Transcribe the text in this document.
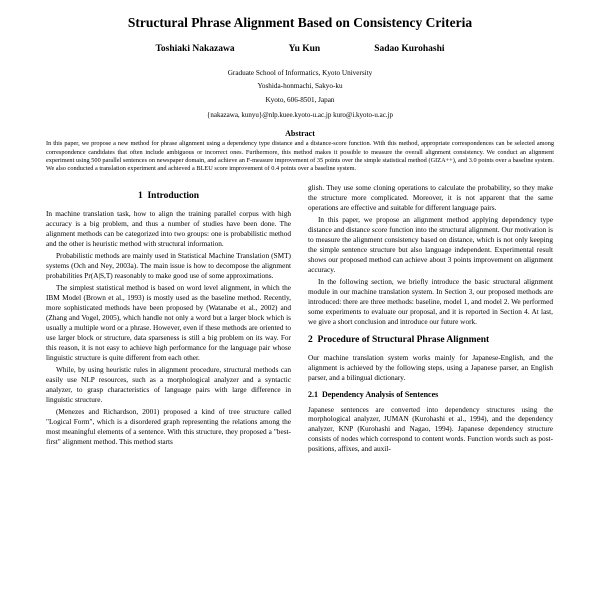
Structural Phrase Alignment Based on Consistency Criteria
Toshiaki Nakazawa	Yu Kun	Sadao Kurohashi
Graduate School of Informatics, Kyoto University
Yoshida-honmachi, Sakyo-ku
Kyoto, 606-8501, Japan
{nakazawa, kunyu}@nlp.kuee.kyoto-u.ac.jp kuro@i.kyoto-u.ac.jp
Abstract
In this paper, we propose a new method for phrase alignment using a dependency type distance and a distance-score function. With this method, appropriate correspondences can be selected among correspondence candidates that often include ambiguous or incorrect ones. Furthermore, this method makes it possible to measure the overall alignment consistency. We conduct an alignment experiment using 500 parallel sentences on newspaper domain, and achieve an F-measure improvement of 35 points over the simple statistical method (GIZA++), and 3.0 points over a baseline system. We also conducted a translation experiment and achieved a BLEU score improvement of 0.4 points over a baseline system.
1 Introduction

In machine translation task, how to align the training parallel corpus with high accuracy is a big problem, and thus a number of studies have been done. The alignment methods can be categorized into two groups: one is probabilistic method and the other is heuristic method with structural information.

Probabilistic methods are mainly used in Statistical Machine Translation (SMT) systems (Och and Ney, 2003a). The main issue is how to decompose the alignment probabilities Pr(A|S,T) reasonably to make good use of some approximations.

The simplest statistical method is based on word level alignment, in which the IBM Model (Brown et al., 1993) is mostly used as the baseline method. Recently, more sophisticated methods have been proposed by (Watanabe et al., 2002) and (Zhang and Vogel, 2005), which handle not only a word but a larger block which is usually a multiple word or a phrase. However, even if these methods are oriented to use larger block or structure, data sparseness is still a big problem on its way. For this reason, it is not easy to achieve high performance for the language pair whose linguistic structure is quite different from each other.

While, by using heuristic rules in alignment procedure, structural methods can easily use NLP resources, such as a morphological analyzer and a syntactic analyzer, to grasp characteristics of language pairs with large difference in linguistic structure.

(Menezes and Richardson, 2001) proposed a kind of tree structure called "Logical Form", which is a disordered graph representing the relations among the most meaningful elements of a sentence. With this structure, they proposed a "best-first" alignment method. This method starts

glish. They use some cloning operations to calculate the probability, so they make the structure more complicated. Moreover, it is not apparent that the same operations are effective and suitable for different language pairs.

In this paper, we propose an alignment method applying dependency type distance and distance score function into the structural alignment. Our motivation is to measure the alignment consistency based on distance, which is not only keeping the simple sentence structure but also language independent. Experimental result shows our proposed method can achieve about 3 points improvement on alignment accuracy.

In the following section, we briefly introduce the basic structural alignment module in our machine translation system. In Section 3, our proposed methods are introduced: there are three methods: baseline, model 1, and model 2. We performed some experiments to evaluate our proposal, and it is reported in Section 4. At last, we give a short conclusion and introduce our future work.

2 Procedure of Structural Phrase Alignment

Our machine translation system works mainly for Japanese-English, and the alignment is achieved by the following steps, using a Japanese parser, an English parser, and a bilingual dictionary.

2.1 Dependency Analysis of Sentences

Japanese sentences are converted into dependency structures using the morphological analyzer, JUMAN (Kurohashi et al., 1994), and the dependency analyzer, KNP (Kurohashi and Nagao, 1994). Japanese dependency structure consists of nodes which correspond to content words. Function words such as post-positions, affixes, and auxil-
